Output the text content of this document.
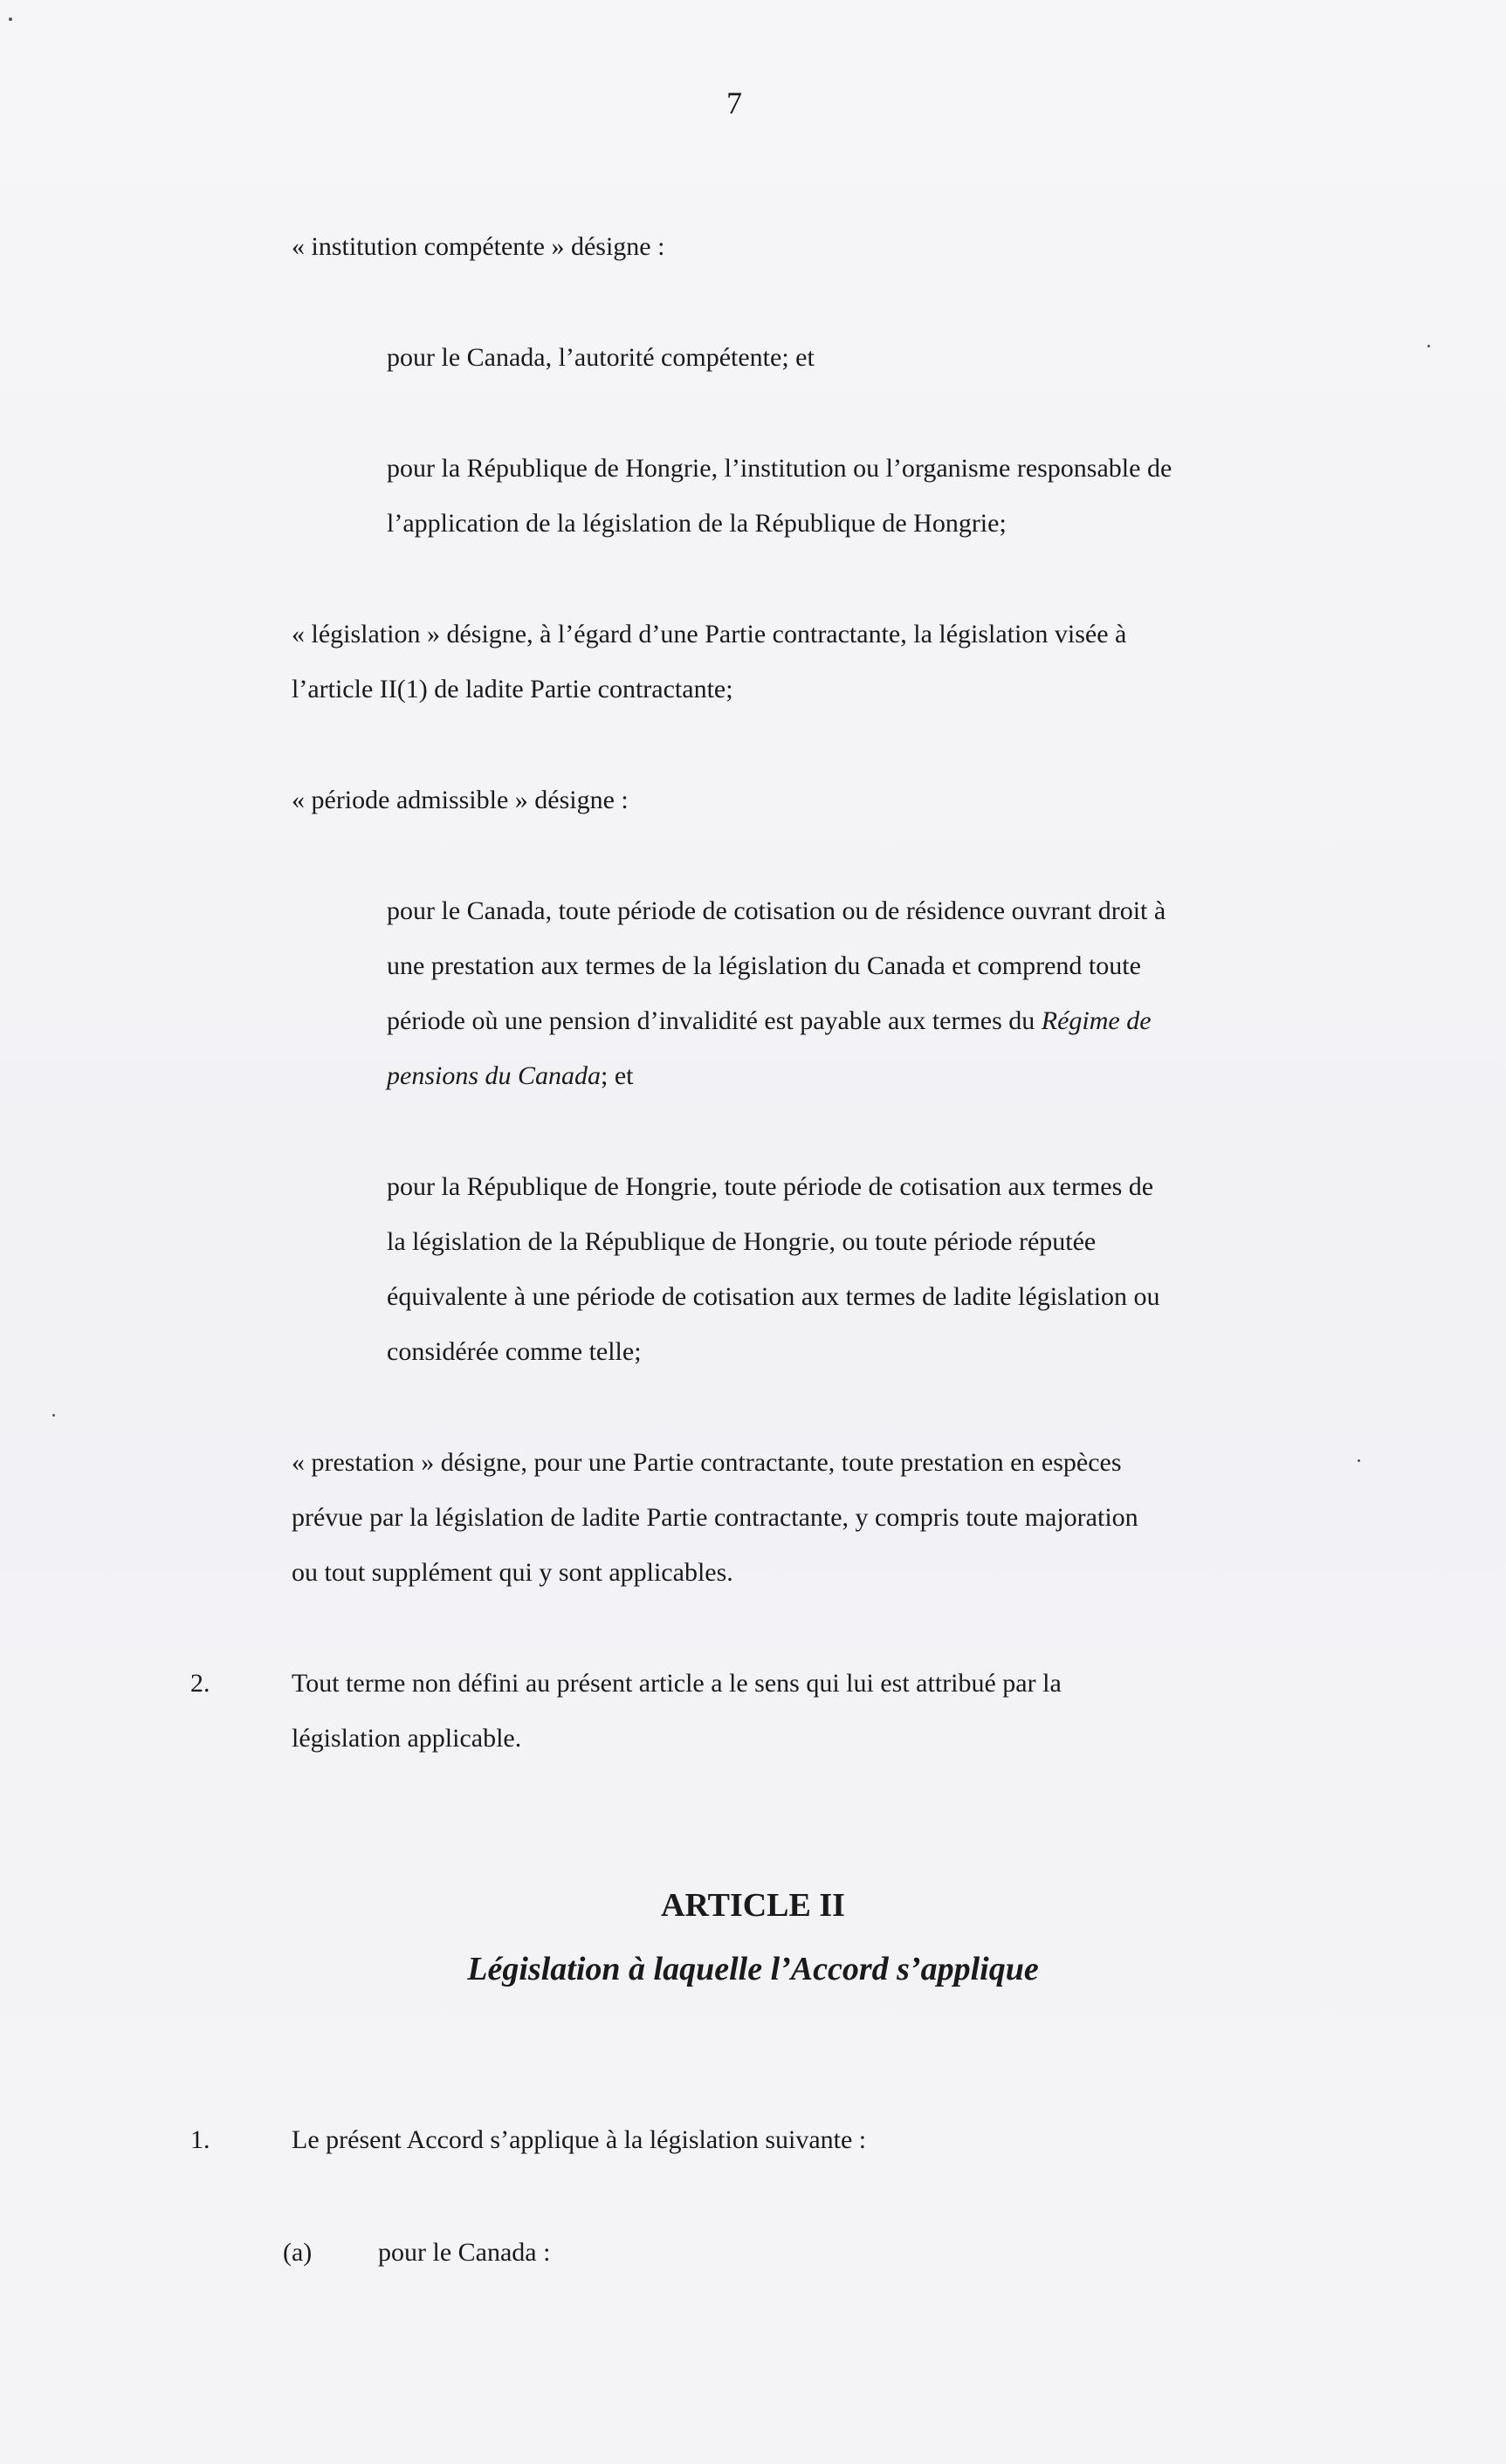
7
« institution compétente » désigne :
pour le Canada, l’autorité compétente; et
pour la République de Hongrie, l’institution ou l’organisme responsable de
l’application de la législation de la République de Hongrie;
« législation » désigne, à l’égard d’une Partie contractante, la législation visée à
l’article II(1) de ladite Partie contractante;
« période admissible » désigne :
pour le Canada, toute période de cotisation ou de résidence ouvrant droit à
une prestation aux termes de la législation du Canada et comprend toute
période où une pension d’invalidité est payable aux termes du Régime de
pensions du Canada; et
pour la République de Hongrie, toute période de cotisation aux termes de
la législation de la République de Hongrie, ou toute période réputée
équivalente à une période de cotisation aux termes de ladite législation ou
considérée comme telle;
« prestation » désigne, pour une Partie contractante, toute prestation en espèces
prévue par la législation de ladite Partie contractante, y compris toute majoration
ou tout supplément qui y sont applicables.
2.	Tout terme non défini au présent article a le sens qui lui est attribué par la
législation applicable.
ARTICLE II
Législation à laquelle l’Accord s’applique
1.	Le présent Accord s’applique à la législation suivante :
(a)	pour le Canada :
